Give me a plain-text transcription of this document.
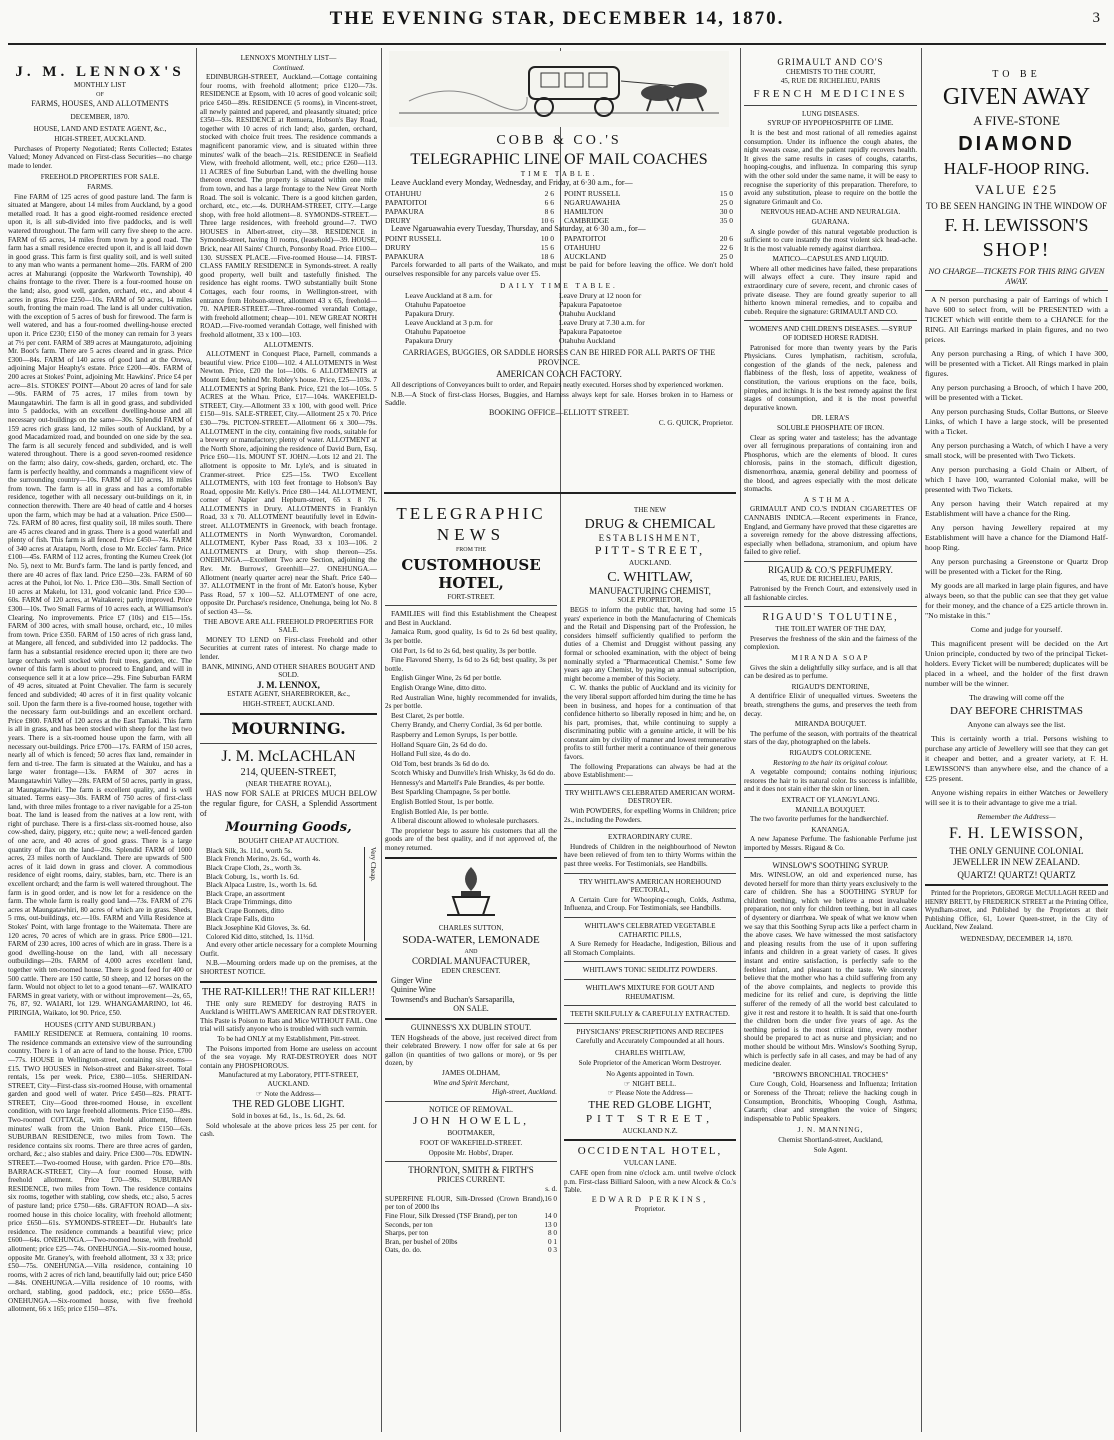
THE EVENING STAR, DECEMBER 14, 1870.	3

J. M. LENNOX'S

MONTHLY LIST

OF

FARMS, HOUSES, AND ALLOTMENTS

DECEMBER, 1870.

HOUSE, LAND AND ESTATE AGENT, &c.,

HIGH-STREET, AUCKLAND.

Purchases of Property Negotiated; Rents Collected; Estates Valued; Money Advanced on First-class Securities—no charge made to lender.

FREEHOLD PROPERTIES FOR SALE.

FARMS.

Fine FARM of 125 acres of good pasture land. The farm is situated at Mangere, about 14 miles from Auckland, by a good metalled road. It has a good eight-roomed residence erected upon it, is all sub-divided into five paddocks, and is well watered throughout. The farm will carry five sheep to the acre. FARM of 65 acres, 14 miles from town by a good road. The farm has a small residence erected upon it, and is all laid down in good grass. This farm is first quality soil, and is well suited to any man who wants a permanent home—20s. FARM of 200 acres at Mahurangi (opposite the Warkworth Township), 40 chains frontage to the river. There is a four-roomed house on the land; also, good well, garden, orchard, etc., and about 4 acres in grass. Price £250—10s. FARM of 50 acres, 14 miles south, fronting the main road. The land is all under cultivation, with the exception of 5 acres of bush for firewood. The farm is well watered, and has a four-roomed dwelling-house erected upon it. Price £230; £150 of the money can remain for 3 years at 7½ per cent. FARM of 389 acres at Maungaturoto, adjoining Mr. Boot's farm. There are 5 acres cleared and in grass. Price £300—84s. FARM of 140 acres of good land at the Orewa, adjoining Major Heaphy's estate. Price £200—40s. FARM of 200 acres at Stokes' Point, adjoining Mr. Hawkins'. Price £4 per acre—81s. STOKES' POINT—About 20 acres of land for sale—90s. FARM of 75 acres, 17 miles from town by Maungatawhiri. The farm is all in good grass, and subdivided into 5 paddocks, with an excellent dwelling-house and all necessary out-buildings on the same—30s. Splendid FARM of 159 acres rich grass land, 12 miles south of Auckland, by a good Macadamized road, and bounded on one side by the sea. The farm is all securely fenced and subdivided, and is well watered throughout. There is a good seven-roomed residence on the farm; also dairy, cow-sheds, garden, orchard, etc. The farm is perfectly healthy, and commands a magnificent view of the surrounding country—10s. FARM of 110 acres, 18 miles from town. The farm is all in grass and has a comfortable residence, together with all necessary out-buildings on it, in connection therewith. There are 40 head of cattle and 4 horses upon the farm, which may be had at a valuation. Price £500—72s. FARM of 80 acres, first quality soil, 18 miles south. There are 45 acres cleared and in grass. There is a good waterfall and plenty of fish. This farm is all fenced. Price £450—74s. FARM of 340 acres at Aratapu, North, close to Mr. Eccles' farm. Price £100—45s. FARM of 112 acres, fronting the Kumeu Creek (lot No. 5), next to Mr. Burd's farm. The land is partly fenced, and there are 40 acres of flax land. Price £250—23s. FARM of 60 acres at the Puhoi, lot No. 1. Price £30—30s. Small Section of 10 acres at Makelu, lot 131, good volcanic land. Price £30—60s. FARM of 120 acres, at Waitakerei; partly improved. Price £300—10s. Two Small Farms of 10 acres each, at Williamson's Clearing. No improvements. Price £7 (10s) and £15—15s. FARM of 300 acres, with small house, orchard, etc., 10 miles from town. Price £350. FARM of 150 acres of rich grass land, at Mangere, all fenced, and subdivided into 12 paddocks. The farm has a substantial residence erected upon it; there are two large orchards well stocked with fruit trees, garden, etc. The owner of this farm is about to proceed to England, and will in consequence sell it at a low price—29s. Fine Suburban FARM of 49 acres, situated at Point Chevalier. The farm is securely fenced and subdivided; 40 acres of it in first quality volcanic soil. Upon the farm there is a five-roomed house, together with the necessary farm out-buildings and an excellent orchard. Price £800. FARM of 120 acres at the East Tamaki. This farm is all in grass, and has been stocked with sheep for the last two years. There is a six-roomed house upon the farm, with all necessary out-buildings. Price £700—17s. FARM of 150 acres, nearly all of which is fenced; 50 acres flax land, remainder in fern and ti-tree. The farm is situated at the Waiuku, and has a large water frontage—13s. FARM of 307 acres in Maungatawhiri Valley—28s. FARM of 50 acres, partly in grass, at Maungatawhiri. The farm is excellent quality, and is well situated. Terms easy—30s. FARM of 750 acres of first-class land, with three miles frontage to a river navigable for a 25-ton boat. The land is leased from the natives at a low rent, with right of purchase. There is a first-class six-roomed house, also cow-shed, dairy, piggery, etc.; quite new; a well-fenced garden of one acre, and 40 acres of good grass. There is a large quantity of flax on the land—20s. Splendid FARM of 1000 acres, 23 miles north of Auckland. There are upwards of 500 acres of it laid down in grass and clover. A commodious residence of eight rooms, dairy, stables, barn, etc. There is an excellent orchard; and the farm is well watered throughout. The farm is in good order, and is now let for a residence on the farm. The whole farm is really good land—73s. FARM of 276 acres at Maungatawhiri, 80 acres of which are in grass. Sheds, 5 rms, out-buildings, etc.—10s. FARM and Villa Residence at Stokes' Point, with large frontage to the Waitemata. There are 120 acres, 70 acres of which are in grass. Price £800—121. FARM of 230 acres, 100 acres of which are in grass. There is a good dwelling-house on the land, with all necessary outbuildings—20s. FARM of 4,000 acres excellent land, together with ten-roomed house. There is good feed for 400 or 500 cattle. There are 150 cattle, 50 sheep, and 12 horses on the farm. Would not object to let to a good tenant—67. WAIKATO FARMS in great variety, with or without improvement—2s, 65, 76, 87, 92. WAIARI, lot 129. WHANGAMARINO, lot 46. PIRINGIA, Waikato, lot 90. Price, £50.

HOUSES (CITY AND SUBURBAN.)

FAMILY RESIDENCE at Remuera, containing 10 rooms. The residence commands an extensive view of the surrounding country. There is 1 of an acre of land to the house. Price, £700—77s. HOUSE in Wellington-street, containing six-rooms—£15. TWO HOUSES in Nelson-street and Baker-street. Total rentals, 15s per week. Price, £380—105s. SHERIDAN-STREET, City—First-class six-roomed House, with ornamental garden and good well of water. Price £450—82s. PRATT-STREET, City—Good three-roomed House, in excellent condition, with two large freehold allotments. Price £150—89s. Two-roomed COTTAGE, with freehold allotment, fifteen minutes' walk from the Union Bank. Price £150—63s. SUBURBAN RESIDENCE, two miles from Town. The residence contains six rooms. There are three acres of garden, orchard, &c.; also stables and dairy. Price £300—70s. EDWIN-STREET.—Two-roomed House, with garden. Price £70—80s. BARRACK-STREET, City—A four roomed House, with freehold allotment. Price £70—90s. SUBURBAN RESIDENCE, two miles from Town. The residence contains six rooms, together with stabling, cow sheds, etc.; also, 5 acres of pasture land; price £750—68s. GRAFTON ROAD—A six-roomed house in this choice locality, with freehold allotment; price £650—61s. SYMONDS-STREET—Dr. Hubault's late residence. The residence commands a beautiful view; price £600—64s. ONEHUNGA.—Two-roomed house, with freehold allotment; price £25—74s. ONEHUNGA.—Six-roomed house, opposite Mr. Graney's, with freehold allotment, 33 x 33; price £50—75s. ONEHUNGA.—Villa residence, containing 10 rooms, with 2 acres of rich land, beautifully laid out; price £450—84s. ONEHUNGA.—Villa residence of 10 rooms, with orchard, stabling, good paddock, etc.; price £650—85s. ONEHUNGA.—Six-roomed house, with five freehold allotment, 66 x 165; price £150—87s.

LENNOX'S MONTHLY LIST—

Continued.

EDINBURGH-STREET, Auckland.—Cottage containing four rooms, with freehold allotment; price £120—73s. RESIDENCE at Epsom, with 10 acres of good volcanic soil; price £450—89s. RESIDENCE (5 rooms), in Vincent-street, all newly painted and papered, and pleasantly situated; price £350—93s. RESIDENCE at Remuera, Hobson's Bay Road, together with 10 acres of rich land; also, garden, orchard, stocked with choice fruit trees. The residence commands a magnificent panoramic view, and is situated within three minutes' walk of the beach—21s. RESIDENCE in Seafield View, with freehold allotment, well, etc.; price £260—113. 11 ACRES of fine Suburban Land, with the dwelling house thereon erected. The property is situated within one mile from town, and has a large frontage to the New Great North Road. The soil is volcanic. There is a good kitchen garden, orchard, etc., etc.—4s. DURHAM-STREET, CITY.—Large shop, with free hold allotment—8. SYMONDS-STREET.—Three large residences, with freehold ground—7. TWO HOUSES in Albert-street, city—38. RESIDENCE in Symonds-street, having 10 rooms, (leasehold)—39. HOUSE, Brick, near All Saints' Church, Ponsonby Road. Price £100—130. SUSSEX PLACE.—Five-roomed House—14. FIRST-CLASS FAMILY RESIDENCE in Symonds-street. A really good property, well built and tastefully finished. The residence has eight rooms. TWO substantially built Stone Cottages, each four rooms, in Wellington-street, with entrance from Hobson-street, allotment 43 x 65, freehold—70. NAPIER-STREET.—Three-roomed verandah Cottage, with freehold allotment; cheap—101. NEW GREAT NORTH ROAD.—Five-roomed verandah Cottage, well finished with freehold allotment, 33 x 100—103.

ALLOTMENTS.

ALLOTMENT in Conquest Place, Parnell, commands a beautiful view. Price £100—102. 4 ALLOTMENTS in West Newton. Price, £20 the lot—100s. 6 ALLOTMENTS at Mount Eden; behind Mr. Robley's house. Price, £25—103s. 7 ALLOTMENTS at Spring Bank. Price, £21 the lot—105s. 5 ACRES at the Whau. Price, £17—104s. WAKEFIELD-STREET, City.—Allotment 33 x 100, with good well. Price £150—91s. SALE-STREET, City.—Allotment 25 x 70. Price £30—79s. PICTON-STREET.—Allotment 66 x 300—79s. ALLOTMENT in the city, containing five roods, suitable for a brewery or manufactory; plenty of water. ALLOTMENT at the North Shore, adjoining the residence of David Burn, Esq. Price £60—11s. MOUNT ST. JOHN.—Lots 12 and 21. The allotment is opposite to Mr. Lyle's, and is situated in Cranmer-street. Price £25—15s. TWO Excellent ALLOTMENTS, with 103 feet frontage to Hobson's Bay Road, opposite Mr. Kelly's. Price £80—144. ALLOTMENT, corner of Napier and Hepburn-street, 65 x 8 76. ALLOTMENTS in Drury. ALLOTMENTS in Franklyn Road, 33 x 70. ALLOTMENT beautifully level in Edwin-street. ALLOTMENTS in Greenock, with beach frontage. ALLOTMENTS in North Wynwardton, Coromandel. ALLOTMENT, Kyber Pass Road, 33 x 103—106. 2 ALLOTMENTS at Drury, with shop thereon—25s. ONEHUNGA.—Excellent Two acre Section, adjoining the Rev. Mr. Burrows', Greenhill—27. ONEHUNGA.—Allotment (nearly quarter acre) near the Shaft. Price £40—37. ALLOTMENT in the front of Mr. Eaton's house, Kyber Pass Road, 57 x 100—52. ALLOTMENT of one acre, opposite Dr. Purchase's residence, Onehunga, being lot No. 8 of section 43—5s.

THE ABOVE ARE ALL FREEHOLD PROPERTIES FOR SALE.

MONEY TO LEND on First-class Freehold and other Securities at current rates of interest. No charge made to lender.

BANK, MINING, AND OTHER SHARES BOUGHT AND SOLD.

J. M. LENNOX,

ESTATE AGENT, SHAREBROKER, &c.,

HIGH-STREET, AUCKLAND.

MOURNING.

J. M. McLACHLAN

214, QUEEN-STREET,

(NEAR THEATRE ROYAL),

HAS now FOR SALE at PRICES MUCH BELOW the regular figure, for CASH, a Splendid Assortment of

Mourning Goods,

BOUGHT CHEAP AT AUCTION.

Black Silk, 3s. 11d., worth 5s.
Black French Merino, 2s. 6d., worth 4s.
Black Crape Cloth, 2s., worth 3s.
Black Coburg, 1s., worth 1s. 6d.
Black Alpaca Lustre, 1s., worth 1s. 6d.
Black Crape, an assortment
Black Crape Trimmings, ditto
Black Crape Bonnets, ditto
Black Crape Falls, ditto
Black Josephine Kid Gloves, 3s. 6d.
Colored Kid ditto, stitched, 1s. 11½d.
Very Cheap.

And every other article necessary for a complete Mourning Outfit.

N.B.—Mourning orders made up on the premises, at the SHORTEST NOTICE.

THE RAT-KILLER!! THE RAT KILLER!!

THE only sure REMEDY for destroying RATS in Auckland is WHITLAW'S AMERICAN RAT DESTROYER. This Paste is Poison to Rats and Mice WITHOUT FAIL. One trial will satisfy anyone who is troubled with such vermin.

To be had ONLY at my Establishment, Pitt-street.

The Poisons imported from Home are useless on account of the sea voyage. My RAT-DESTROYER does NOT contain any PHOSPHOROUS.

Manufactured at my Laboratory, PITT-STREET, AUCKLAND.

☞ Note the Address—

THE RED GLOBE LIGHT.

Sold in boxes at 6d., 1s., 1s. 6d., 2s. 6d.

Sold wholesale at the above prices less 25 per cent. for cash.

COBB & CO.'S

TELEGRAPHIC LINE OF MAIL COACHES

TIME TABLE.

Leave Auckland every Monday, Wednesday, and Friday, at 6·30 a.m., for—

OTAHUHU	2 6
PAPATOITOI	6 6
PAPAKURA	8 6
DRURY	10 6
POINT RUSSELL	15 0
NGARUAWAHIA	25 0
HAMILTON	30 0
CAMBRIDGE	35 0

Leave Ngaruawahia every Tuesday, Thursday, and Saturday, at 6·30 a.m., for—

POINT RUSSELL	10 0
DRURY	15 6
PAPAKURA	18 6
PAPATOITOI	20 6
OTAHUHU	22 6
AUCKLAND	25 0

Parcels forwarded to all parts of the Waikato, and must be paid for before leaving the office. We don't hold ourselves responsible for any parcels value over £5.

DAILY TIME TABLE.

Leave Auckland at 8 a.m. for	Leave Drury at 12 noon for
Otahuhu Papatoetoe	Papakura Papatoetoe
Papakura Drury.	Otahuhu Auckland
Leave Auckland at 3 p.m. for	Leave Drury at 7.30 a.m. for
Otahuhu Papatoetoe	Papakura Papatoetoe
Papakura Drury	Otahuhu Auckland

CARRIAGES, BUGGIES, OR SADDLE HORSES CAN BE HIRED FOR ALL PARTS OF THE PROVINCE.

AMERICAN COACH FACTORY.

All descriptions of Conveyances built to order, and Repairs neatly executed. Horses shod by experienced workmen.

N.B.—A Stock of first-class Horses, Buggies, and Harness always kept for sale. Horses broken in to Harness or Saddle.

BOOKING OFFICE—ELLIOTT STREET.

C. G. QUICK, Proprietor.

TELEGRAPHIC

NEWS

FROM THE

CUSTOMHOUSE HOTEL,

FORT-STREET.

FAMILIES will find this Establishment the Cheapest and Best in Auckland.

Jamaica Rum, good quality, 1s 6d to 2s 6d best quality, 3s per bottle.

Old Port, 1s 6d to 2s 6d, best quality, 3s per bottle.

Fine Flavored Sherry, 1s 6d to 2s 6d; best quality, 3s per bottle.

English Ginger Wine, 2s 6d per bottle.

English Orange Wine, ditto ditto.

Red Australian Wine, highly recommended for invalids, 2s per bottle.

Best Claret, 2s per bottle.

Cherry Brandy, and Cherry Cordial, 3s 6d per bottle.

Raspberry and Lemon Syrups, 1s per bottle.

Holland Square Gin, 2s 6d do do.

Holland Full size, 4s do do.

Old Tom, best brands 3s 6d do do.

Scotch Whisky and Dunville's Irish Whisky, 3s 6d do do.

Hennessy's and Martell's Pale Brandies, 4s per bottle.

Best Sparkling Champagne, 5s per bottle.

English Bottled Stout, 1s per bottle.

English Bottled Ale, 1s per bottle.

A liberal discount allowed to wholesale purchasers.

The proprietor begs to assure his customers that all the goods are of the best quality, and if not approved of, the money returned.

CHARLES SUTTON,

SODA-WATER, LEMONADE

AND

CORDIAL MANUFACTURER,

EDEN CRESCENT.

Ginger Wine

Quinine Wine

Townsend's and Buchan's Sarsaparilla,

ON SALE.

GUINNESS'S XX DUBLIN STOUT.

TEN Hogsheads of the above, just received direct from their celebrated Brewery. I now offer for sale at 6s per gallon (in quantities of two gallons or more), or 9s per dozen, by

JAMES OLDHAM,

Wine and Spirit Merchant,

High-street, Auckland.

NOTICE OF REMOVAL.

JOHN HOWELL,

BOOTMAKER,

FOOT OF WAKEFIELD-STREET.

Opposite Mr. Hobbs', Draper.

THORNTON, SMITH & FIRTH'S

PRICES CURRENT.

s. d.

SUPERFINE FLOUR, Silk-Dressed (Crown Brand), per ton of 2000 lbs
16 0
Fine Flour, Silk Dressed (TSF Brand), per ton	14 0
Seconds, per ton	13 0
Sharps, per ton	8 0
Bran, per bushel of 20lbs	0 1
Oats, do. do.	0 3

THE NEW

DRUG & CHEMICAL

ESTABLISHMENT,

PITT-STREET,

AUCKLAND.

C. WHITLAW,

MANUFACTURING CHEMIST,

SOLE PROPRIETOR,

BEGS to inform the public that, having had some 15 years' experience in both the Manufacturing of Chemicals and the Retail and Dispensing part of the Profession, he considers himself sufficiently qualified to perform the duties of a Chemist and Druggist without passing any formal or schooled examination, with the object of being nominally styled a "Pharmaceutical Chemist." Some few years ago any Chemist, by paying an annual subscription, might become a member of this Society.

C. W. thanks the public of Auckland and its vicinity for the very liberal support afforded him during the time he has been in business, and hopes for a continuation of that confidence hitherto so liberally reposed in him; and he, on his part, promises, that, while continuing to supply a discriminating public with a genuine article, it will be his constant aim by civility of manner and lowest remunerative profits to still further merit a continuance of their generous favors.

The following Preparations can always be had at the above Establishment:—

TRY WHITLAW'S CELEBRATED AMERICAN WORM-DESTROYER.

With POWDERS, for expelling Worms in Children; price 2s., including the Powders.

EXTRAORDINARY CURE.

Hundreds of Children in the neighbourhood of Newton have been relieved of from ten to thirty Worms within the past three weeks. For Testimonials, see Handbills.

TRY WHITLAW'S AMERICAN HOREHOUND PECTORAL,

A Certain Cure for Whooping-cough, Colds, Asthma, Influenza, and Croup. For Testimonials, see Handbills.

WHITLAW'S CELEBRATED VEGETABLE CATHARTIC PILLS,

A Sure Remedy for Headache, Indigestion, Bilious and all Stomach Complaints.

WHITLAW'S TONIC SEIDLITZ POWDERS.

WHITLAW'S MIXTURE FOR GOUT AND RHEUMATISM.

TEETH SKILFULLY & CAREFULLY EXTRACTED.

PHYSICIANS' PRESCRIPTIONS AND RECIPES

Carefully and Accurately Compounded at all hours.

CHARLES WHITLAW,

Sole Proprietor of the American Worm Destroyer.

No Agents appointed in Town.

☞ NIGHT BELL.

☞ Please Note the Address—

THE RED GLOBE LIGHT,

PITT STREET,

AUCKLAND N.Z.

OCCIDENTAL HOTEL,

VULCAN LANE.

CAFE open from nine o'clock a.m. until twelve o'clock p.m. First-class Billiard Saloon, with a new Alcock & Co.'s Table.

EDWARD PERKINS,

Proprietor.

GRIMAULT AND CO'S

CHEMISTS TO THE COURT,

45, RUE DE RICHELIEU, PARIS

FRENCH MEDICINES

LUNG DISEASES.

SYRUP OF HYPOPHOSPHITE OF LIME.

It is the best and most rational of all remedies against consumption. Under its influence the cough abates, the night sweats cease, and the patient rapidly recovers health. It gives the same results in cases of coughs, catarrhs, hooping-coughs, and influenza. In comparing this syrup with the other sold under the same name, it will be easy to recognise the superiority of this preparation. Therefore, to avoid any substitution, please to require on the bottle the signature Grimault and Co.

NERVOUS HEAD-ACHE AND NEURALGIA.

GUARANA.

A single powder of this natural vegetable production is sufficient to cure instantly the most violent sick head-ache. It is the most valuable remedy against diarrhœa.

MATICO—CAPSULES AND LIQUID.

Where all other medicines have failed, these preparations will always effect a cure. They insure rapid and extraordinary cure of severe, recent, and chronic cases of private disease. They are found greatly superior to all hitherto known mineral remedies, and to copaiba and cubeb. Require the signature: GRIMAULT AND CO.

WOMEN'S AND CHILDREN'S DISEASES. —SYRUP OF IODISED HORSE RADISH.

Patronised for more than twenty years by the Paris Physicians. Cures lymphatism, rachitism, scrofula, congestion of the glands of the neck, paleness and flabbiness of the flesh, loss of appetite, weakness of constitution, the various eruptions on the face, boils, pimples, and itchings. It is the best remedy against the first stages of consumption, and it is the most powerful depurative known.

DR. LERA'S

SOLUBLE PHOSPHATE OF IRON.

Clear as spring water and tasteless; has the advantage over all ferruginous preparations of containing iron and Phosphorus, which are the elements of blood. It cures chlorosis, pains in the stomach, difficult digestion, dismenorrhœa, anæmia, general debility and poorness of the blood, and agrees especially with the most delicate stomachs.

ASTHMA.

GRIMAULT AND CO.'S INDIAN CIGARETTES OF CANNABIS INDICA.—Recent experiments in France, England, and Germany have proved that these cigarettes are a sovereign remedy for the above distressing affections, especially when belladona, stramonium, and opium have failed to give relief.

RIGAUD & CO.'S PERFUMERY.

45, RUE DE RICHELIEU, PARIS,

Patronised by the French Court, and extensively used in all fashionable circles.

RIGAUD'S TOLUTINE,

THE TOILET WATER OF THE DAY,

Preserves the freshness of the skin and the fairness of the complexion.

MIRANDA SOAP

Gives the skin a delightfully silky surface, and is all that can be desired as to perfume.

RIGAUD'S DENTORINE,

A dentifrice Elixir of unequalled virtues. Sweetens the breath, strengthens the gums, and preserves the teeth from decay.

MIRANDA BOUQUET.

The perfume of the season, with portraits of the theatrical stars of the day, photographed on the labels.

RIGAUD'S COLORICENE.

Restoring to the hair its original colour.

A vegetable compound; contains nothing injurious; restores the hair to its natural color. Its success is infallible, and it does not stain either the skin or linen.

EXTRACT OF YLANGYLANG.

MANILLA BOUQUET.

The two favorite perfumes for the handkerchief.

KANANGA.

A new Japanese Perfume. The fashionable Perfume just imported by Messrs. Rigaud & Co.

WINSLOW'S SOOTHING SYRUP.

Mrs. WINSLOW, an old and experienced nurse, has devoted herself for more than thirty years exclusively to the care of children. She has a SOOTHING SYRUP for children teething, which we believe a most invaluable preparation, not only for children teething, but in all cases of dysentery or diarrhœa. We speak of what we know when we say that this Soothing Syrup acts like a perfect charm in the above cases. We have witnessed the most satisfactory and pleasing results from the use of it upon suffering infants and children in a great variety of cases. It gives instant and entire satisfaction, is perfectly safe to the feeblest infant, and pleasant to the taste. We sincerely believe that the mother who has a child suffering from any of the above complaints, and neglects to provide this medicine for its relief and cure, is depriving the little sufferer of the remedy of all the world best calculated to give it rest and restore it to health. It is said that one-fourth the children born die under five years of age. As the teething period is the most critical time, every mother should be prepared to act as nurse and physician; and no mother should be without Mrs. Winslow's Soothing Syrup, which is perfectly safe in all cases, and may be had of any medicine dealer.

"BROWN'S BRONCHIAL TROCHES"

Cure Cough, Cold, Hoarseness and Influenza; Irritation or Soreness of the Throat; relieve the hacking cough in Consumption, Bronchitis, Whooping Cough, Asthma, Catarrh; clear and strengthen the voice of Singers; indispensable to Public Speakers.

J. N. MANNING,

Chemist Shortland-street, Auckland,

Sole Agent.

TO BE

GIVEN AWAY

A FIVE-STONE

DIAMOND

HALF-HOOP RING.

VALUE £25

TO BE SEEN HANGING IN THE WINDOW OF

F. H. LEWISSON'S

SHOP!

NO CHARGE—TICKETS FOR THIS RING GIVEN AWAY.

A N person purchasing a pair of Earrings of which I have 600 to select from, will be PRESENTED with a TICKET which will entitle them to a CHANCE for the RING. All Earrings marked in plain figures, and no two prices.

Any person purchasing a Ring, of which I have 300, will be presented with a Ticket. All Rings marked in plain figures.

Any person purchasing a Brooch, of which I have 200, will be presented with a Ticket.

Any person purchasing Studs, Collar Buttons, or Sleeve Links, of which I have a large stock, will be presented with a Ticket.

Any person purchasing a Watch, of which I have a very small stock, will be presented with Two Tickets.

Any person purchasing a Gold Chain or Albert, of which I have 100, warranted Colonial make, will be presented with Two Tickets.

Any person having their Watch repaired at my Establishment will have a chance for the Ring.

Any person having Jewellery repaired at my Establishment will have a chance for the Diamond Half-hoop Ring.

Any person purchasing a Greenstone or Quartz Drop will be presented with a Ticket for the Ring.

My goods are all marked in large plain figures, and have always been, so that the public can see that they get value for their money, and the chance of a £25 article thrown in. "No mistake in this."

Come and judge for yourself.

This magnificent present will be decided on the Art Union principle, conducted by two of the principal Ticket-holders. Every Ticket will be numbered; duplicates will be placed in a wheel, and the holder of the first drawn number will be the winner.

The drawing will come off the

DAY BEFORE CHRISTMAS

Anyone can always see the list.

This is certainly worth a trial. Persons wishing to purchase any article of Jewellery will see that they can get it cheaper and better, and a greater variety, at F. H. LEWISSON'S than anywhere else, and the chance of a £25 present.

Anyone wishing repairs in either Watches or Jewellery will see it is to their advantage to give me a trial.

Remember the Address—

F. H. LEWISSON,

THE ONLY GENUINE COLONIAL

JEWELLER IN NEW ZEALAND.

QUARTZ! QUARTZ! QUARTZ

Printed for the Proprietors, GEORGE McCULLAGH REED and HENRY BRETT, by FREDERICK STREET at the Printing Office, Wyndham-street, and Published by the Proprietors at their Publishing Office, 61, Lower Queen-street, in the City of Auckland, New Zealand.

WEDNESDAY, DECEMBER 14, 1870.
